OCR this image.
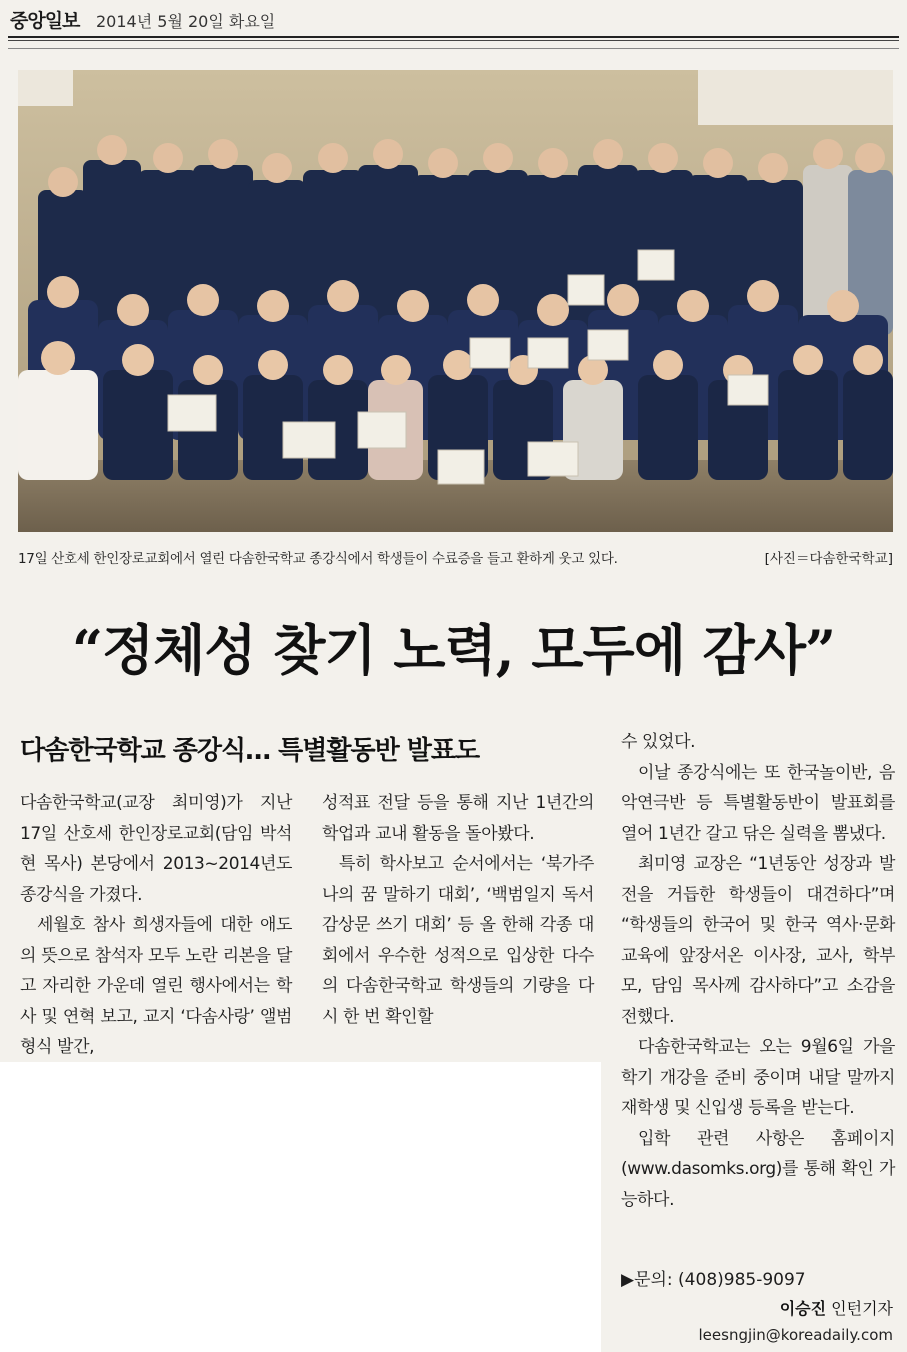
중앙일보 2014년 5월 20일 화요일
17일 산호세 한인장로교회에서 열린 다솜한국학교 종강식에서 학생들이 수료증을 들고 환하게 웃고 있다.	[사진＝다솜한국학교]
“정체성 찾기 노력, 모두에 감사”
다솜한국학교 종강식… 특별활동반 발표도

다솜한국학교(교장 최미영)가 지난 17일 산호세 한인장로교회(담임 박석현 목사) 본당에서 2013~2014년도 종강식을 가졌다.

세월호 참사 희생자들에 대한 애도의 뜻으로 참석자 모두 노란 리본을 달고 자리한 가운데 열린 행사에서는 학사 및 연혁 보고, 교지 ‘다솜사랑’ 앨범 형식 발간,

성적표 전달 등을 통해 지난 1년간의 학업과 교내 활동을 돌아봤다.

특히 학사보고 순서에서는 ‘북가주 나의 꿈 말하기 대회’, ‘백범일지 독서 감상문 쓰기 대회’ 등 올 한해 각종 대회에서 우수한 성적으로 입상한 다수의 다솜한국학교 학생들의 기량을 다시 한 번 확인할

수 있었다.

이날 종강식에는 또 한국놀이반, 음악연극반 등 특별활동반이 발표회를 열어 1년간 갈고 닦은 실력을 뽐냈다.

최미영 교장은 “1년동안 성장과 발전을 거듭한 학생들이 대견하다”며 “학생들의 한국어 및 한국 역사·문화 교육에 앞장서온 이사장, 교사, 학부모, 담임 목사께 감사하다”고 소감을 전했다.

다솜한국학교는 오는 9월6일 가을학기 개강을 준비 중이며 내달 말까지 재학생 및 신입생 등록을 받는다.

입학 관련 사항은 홈페이지(www.dasomks.org)를 통해 확인 가능하다.

▶문의: (408)985-9097
이승진 인턴기자
leesngjin@koreadaily.com
